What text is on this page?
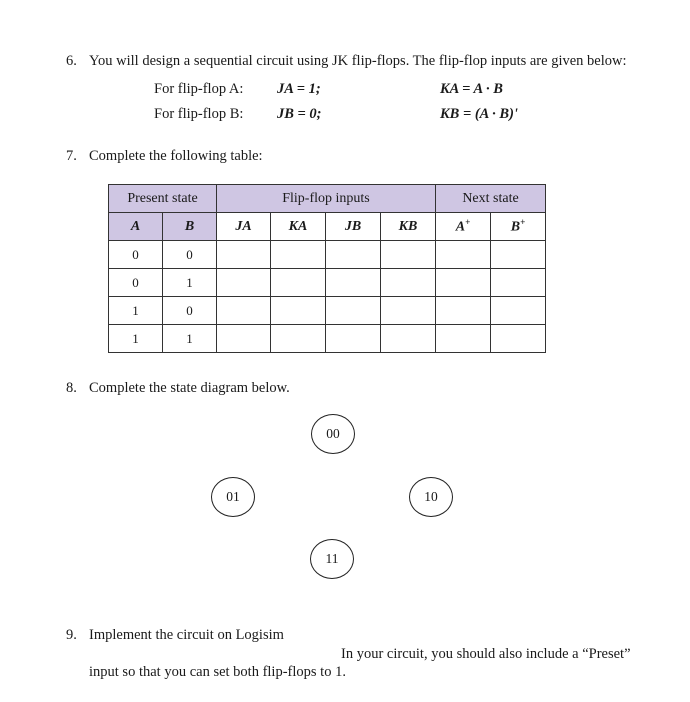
6. You will design a sequential circuit using JK flip-flops. The flip-flop inputs are given below:
For flip-flop A: JA = 1;	KA = A · B
For flip-flop B: JB = 0;	KB = (A · B)'
7. Complete the following table:
Present state		Flip-flop inputs				Next state	
A	B	JA	KA	JB	KB	A+	B+
0	0						
0	1						
1	0						
1	1						
8. Complete the state diagram below.
00
01	10
11
9. Implement the circuit on Logisim
In your circuit, you should also include a “Preset”
input so that you can set both flip-flops to 1.
